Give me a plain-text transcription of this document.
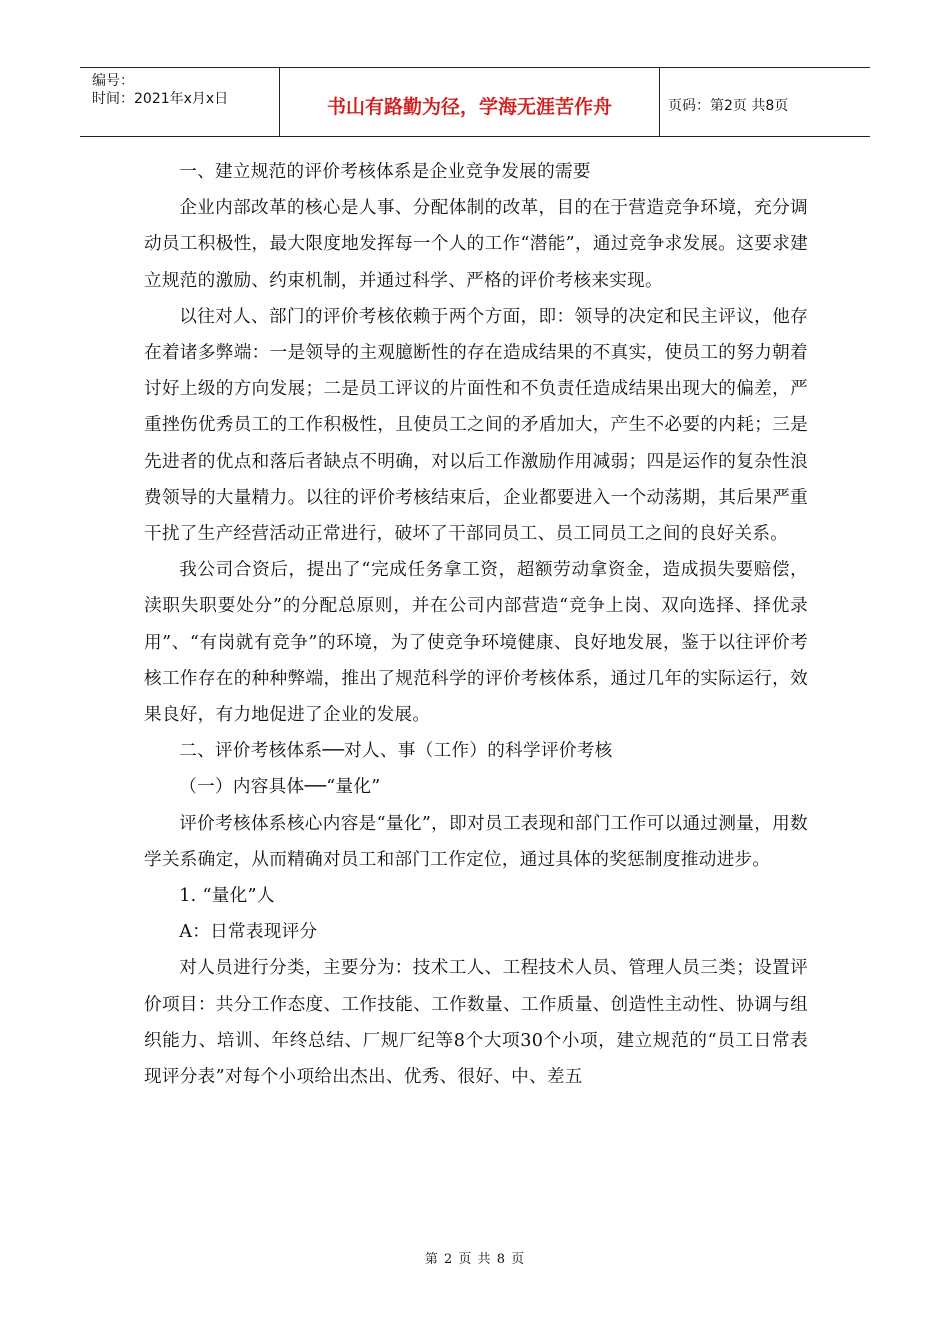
编号：
时间：2021年x月x日	书山有路勤为径，学海无涯苦作舟	页码：第2页 共8页

一、建立规范的评价考核体系是企业竞争发展的需要

企业内部改革的核心是人事、分配体制的改革，目的在于营造竞争环境，充分调动员工积极性，最大限度地发挥每一个人的工作“潜能”，通过竞争求发展。这要求建立规范的激励、约束机制，并通过科学、严格的评价考核来实现。

以往对人、部门的评价考核依赖于两个方面，即：领导的决定和民主评议，他存在着诸多弊端：一是领导的主观臆断性的存在造成结果的不真实，使员工的努力朝着讨好上级的方向发展；二是员工评议的片面性和不负责任造成结果出现大的偏差，严重挫伤优秀员工的工作积极性，且使员工之间的矛盾加大，产生不必要的内耗；三是先进者的优点和落后者缺点不明确，对以后工作激励作用减弱；四是运作的复杂性浪费领导的大量精力。以往的评价考核结束后，企业都要进入一个动荡期，其后果严重干扰了生产经营活动正常进行，破坏了干部同员工、员工同员工之间的良好关系。

我公司合资后，提出了“完成任务拿工资，超额劳动拿资金，造成损失要赔偿，渎职失职要处分”的分配总原则，并在公司内部营造“竞争上岗、双向选择、择优录用”、“有岗就有竞争”的环境，为了使竞争环境健康、良好地发展，鉴于以往评价考核工作存在的种种弊端，推出了规范科学的评价考核体系，通过几年的实际运行，效果良好，有力地促进了企业的发展。

二、评价考核体系──对人、事（工作）的科学评价考核

（一）内容具体──“量化”

评价考核体系核心内容是“量化”，即对员工表现和部门工作可以通过测量，用数学关系确定，从而精确对员工和部门工作定位，通过具体的奖惩制度推动进步。

1. “量化”人

A：日常表现评分

对人员进行分类，主要分为：技术工人、工程技术人员、管理人员三类；设置评价项目：共分工作态度、工作技能、工作数量、工作质量、创造性主动性、协调与组织能力、培训、年终总结、厂规厂纪等8个大项30个小项，建立规范的“员工日常表现评分表”对每个小项给出杰出、优秀、很好、中、差五

第 2 页 共 8 页
